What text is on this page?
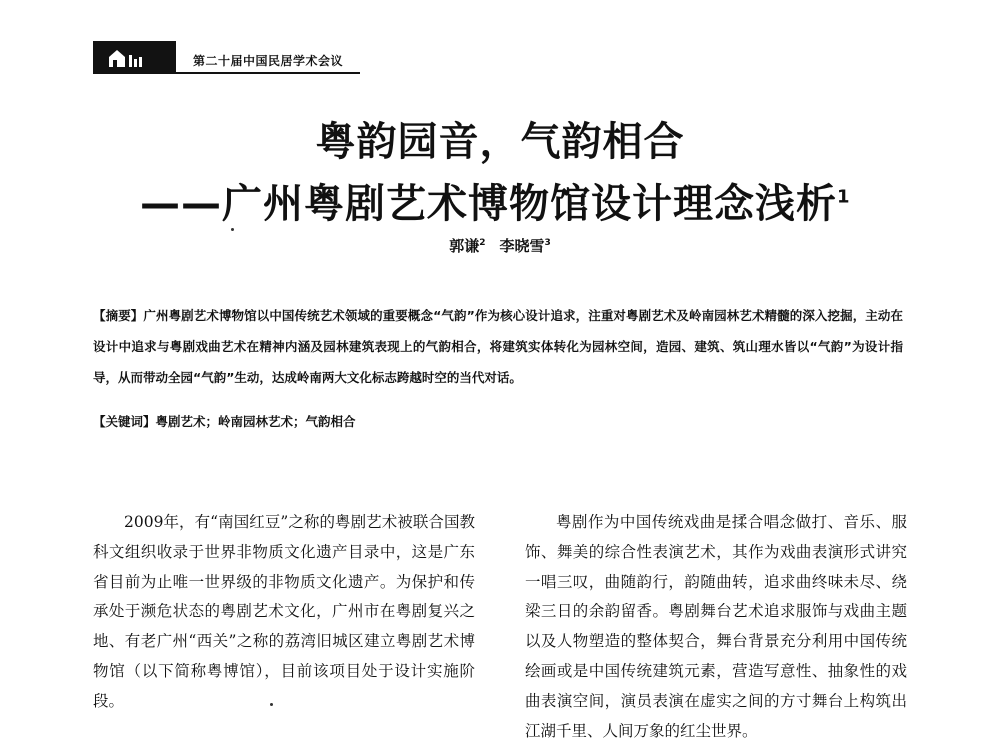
第二十届中国民居学术会议
粤韵园音，气韵相合
——广州粤剧艺术博物馆设计理念浅析$^1$
郭谦$^2$ 李晓雪$^3$
【摘要】广州粤剧艺术博物馆以中国传统艺术领域的重要概念“气韵”作为核心设计追求，注重对粤剧艺术及岭南园林艺术精髓的深入挖掘，主动在设计中追求与粤剧戏曲艺术在精神内涵及园林建筑表现上的气韵相合，将建筑实体转化为园林空间，造园、建筑、筑山理水皆以“气韵”为设计指导，从而带动全园“气韵”生动，达成岭南两大文化标志跨越时空的当代对话。
【关键词】粤剧艺术；岭南园林艺术；气韵相合

2009年，有“南国红豆”之称的粤剧艺术被联合国教科文组织收录于世界非物质文化遗产目录中，这是广东省目前为止唯一世界级的非物质文化遗产。为保护和传承处于濒危状态的粤剧艺术文化，广州市在粤剧复兴之地、有老广州“西关”之称的荔湾旧城区建立粤剧艺术博物馆（以下简称粤博馆），目前该项目处于设计实施阶段。

粤剧作为中国传统戏曲是揉合唱念做打、音乐、服饰、舞美的综合性表演艺术，其作为戏曲表演形式讲究一唱三叹，曲随韵行，韵随曲转，追求曲终味未尽、绕梁三日的余韵留香。粤剧舞台艺术追求服饰与戏曲主题以及人物塑造的整体契合，舞台背景充分利用中国传统绘画或是中国传统建筑元素，营造写意性、抽象性的戏曲表演空间，演员表演在虚实之间的方寸舞台上构筑出江湖千里、人间万象的红尘世界。
